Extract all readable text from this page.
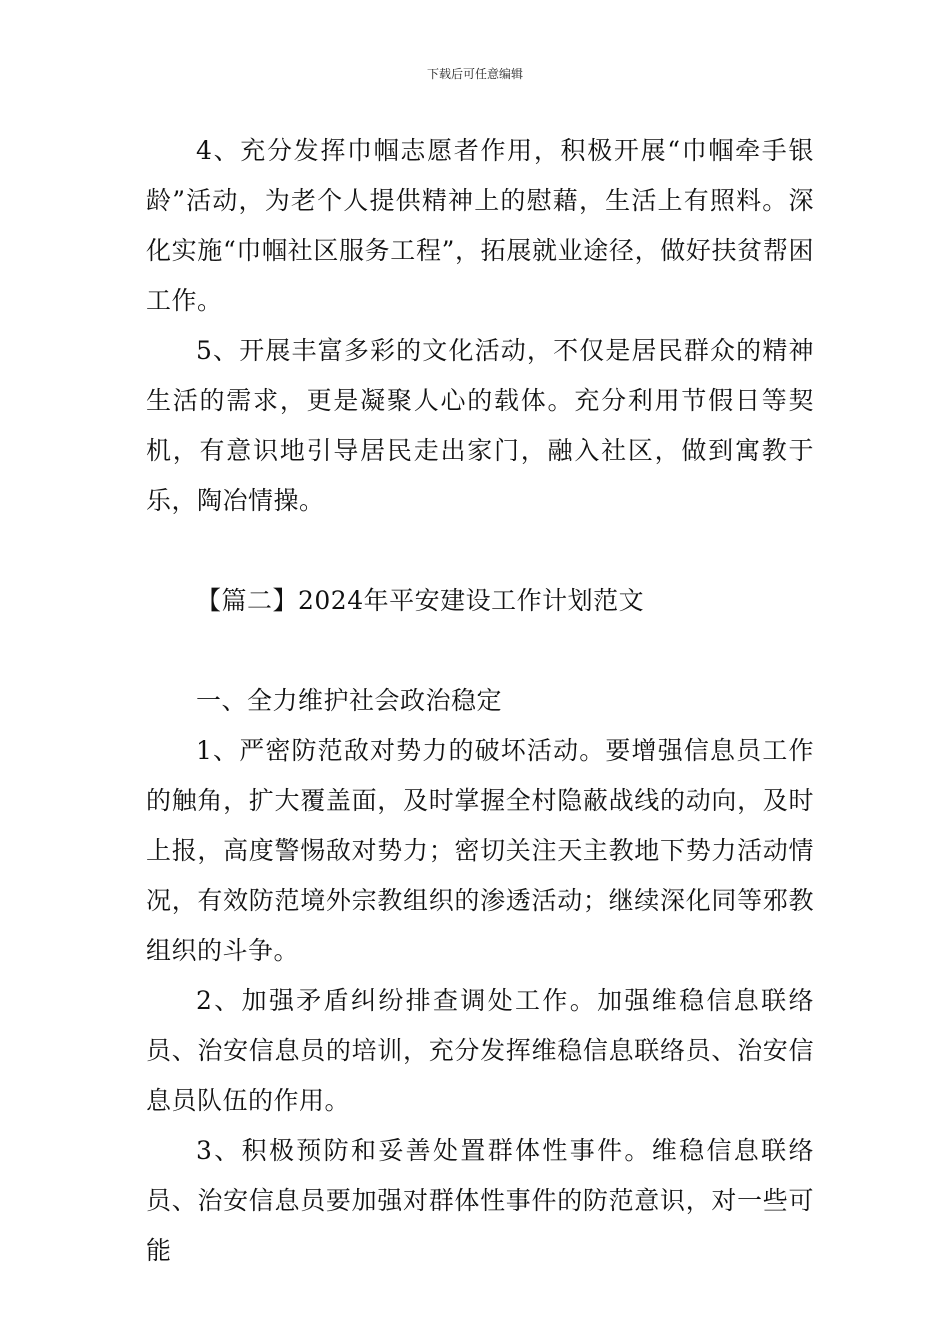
下载后可任意编辑

4、充分发挥巾帼志愿者作用，积极开展“巾帼牵手银龄”活动，为老个人提供精神上的慰藉，生活上有照料。深化实施“巾帼社区服务工程”，拓展就业途径，做好扶贫帮困工作。

5、开展丰富多彩的文化活动，不仅是居民群众的精神生活的需求，更是凝聚人心的载体。充分利用节假日等契机，有意识地引导居民走出家门，融入社区，做到寓教于乐，陶冶情操。

【篇二】2024年平安建设工作计划范文

一、全力维护社会政治稳定

1、严密防范敌对势力的破坏活动。要增强信息员工作的触角，扩大覆盖面，及时掌握全村隐蔽战线的动向，及时上报，高度警惕敌对势力；密切关注天主教地下势力活动情况，有效防范境外宗教组织的渗透活动；继续深化同等邪教组织的斗争。

2、加强矛盾纠纷排查调处工作。加强维稳信息联络员、治安信息员的培训，充分发挥维稳信息联络员、治安信息员队伍的作用。

3、积极预防和妥善处置群体性事件。维稳信息联络员、治安信息员要加强对群体性事件的防范意识，对一些可能
